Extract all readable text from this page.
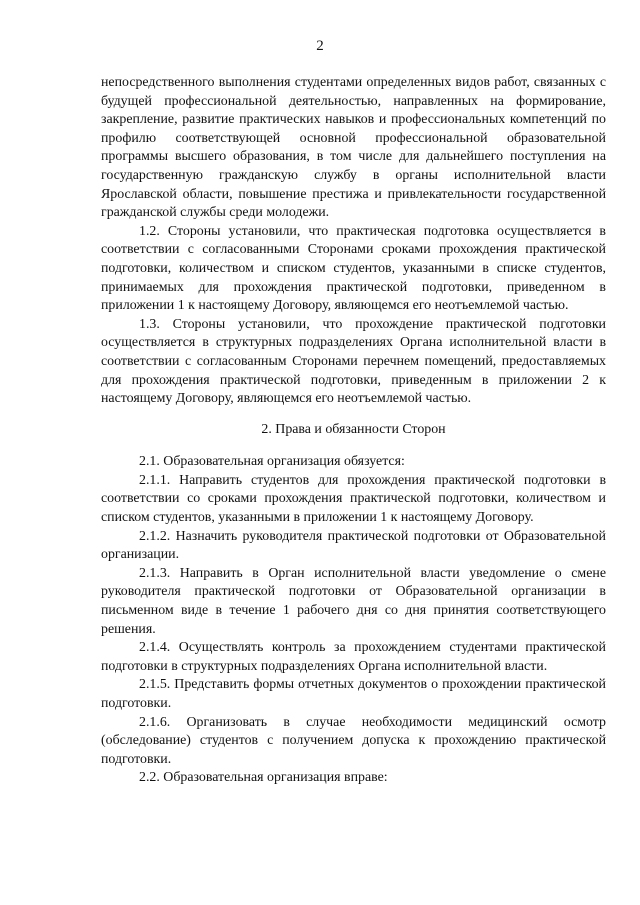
2

непосредственного выполнения студентами определенных видов работ, связанных с будущей профессиональной деятельностью, направленных на формирование, закрепление, развитие практических навыков и профессиональных компетенций по профилю соответствующей основной профессиональной образовательной программы высшего образования, в том числе для дальнейшего поступления на государственную гражданскую службу в органы исполнительной власти Ярославской области, повышение престижа и привлекательности государственной гражданской службы среди молодежи.

1.2. Стороны установили, что практическая подготовка осуществляется в соответствии с согласованными Сторонами сроками прохождения практической подготовки, количеством и списком студентов, указанными в списке студентов, принимаемых для прохождения практической подготовки, приведенном в приложении 1 к настоящему Договору, являющемся его неотъемлемой частью.

1.3. Стороны установили, что прохождение практической подготовки осуществляется в структурных подразделениях Органа исполнительной власти в соответствии с согласованным Сторонами перечнем помещений, предоставляемых для прохождения практической подготовки, приведенным в приложении 2 к настоящему Договору, являющемся его неотъемлемой частью.

2. Права и обязанности Сторон

2.1. Образовательная организация обязуется:

2.1.1. Направить студентов для прохождения практической подготовки в соответствии со сроками прохождения практической подготовки, количеством и списком студентов, указанными в приложении 1 к настоящему Договору.

2.1.2. Назначить руководителя практической подготовки от Образовательной организации.

2.1.3. Направить в Орган исполнительной власти уведомление о смене руководителя практической подготовки от Образовательной организации в письменном виде в течение 1 рабочего дня со дня принятия соответствующего решения.

2.1.4. Осуществлять контроль за прохождением студентами практической подготовки в структурных подразделениях Органа исполнительной власти.

2.1.5. Представить формы отчетных документов о прохождении практической подготовки.

2.1.6. Организовать в случае необходимости медицинский осмотр (обследование) студентов с получением допуска к прохождению практической подготовки.

2.2. Образовательная организация вправе:
